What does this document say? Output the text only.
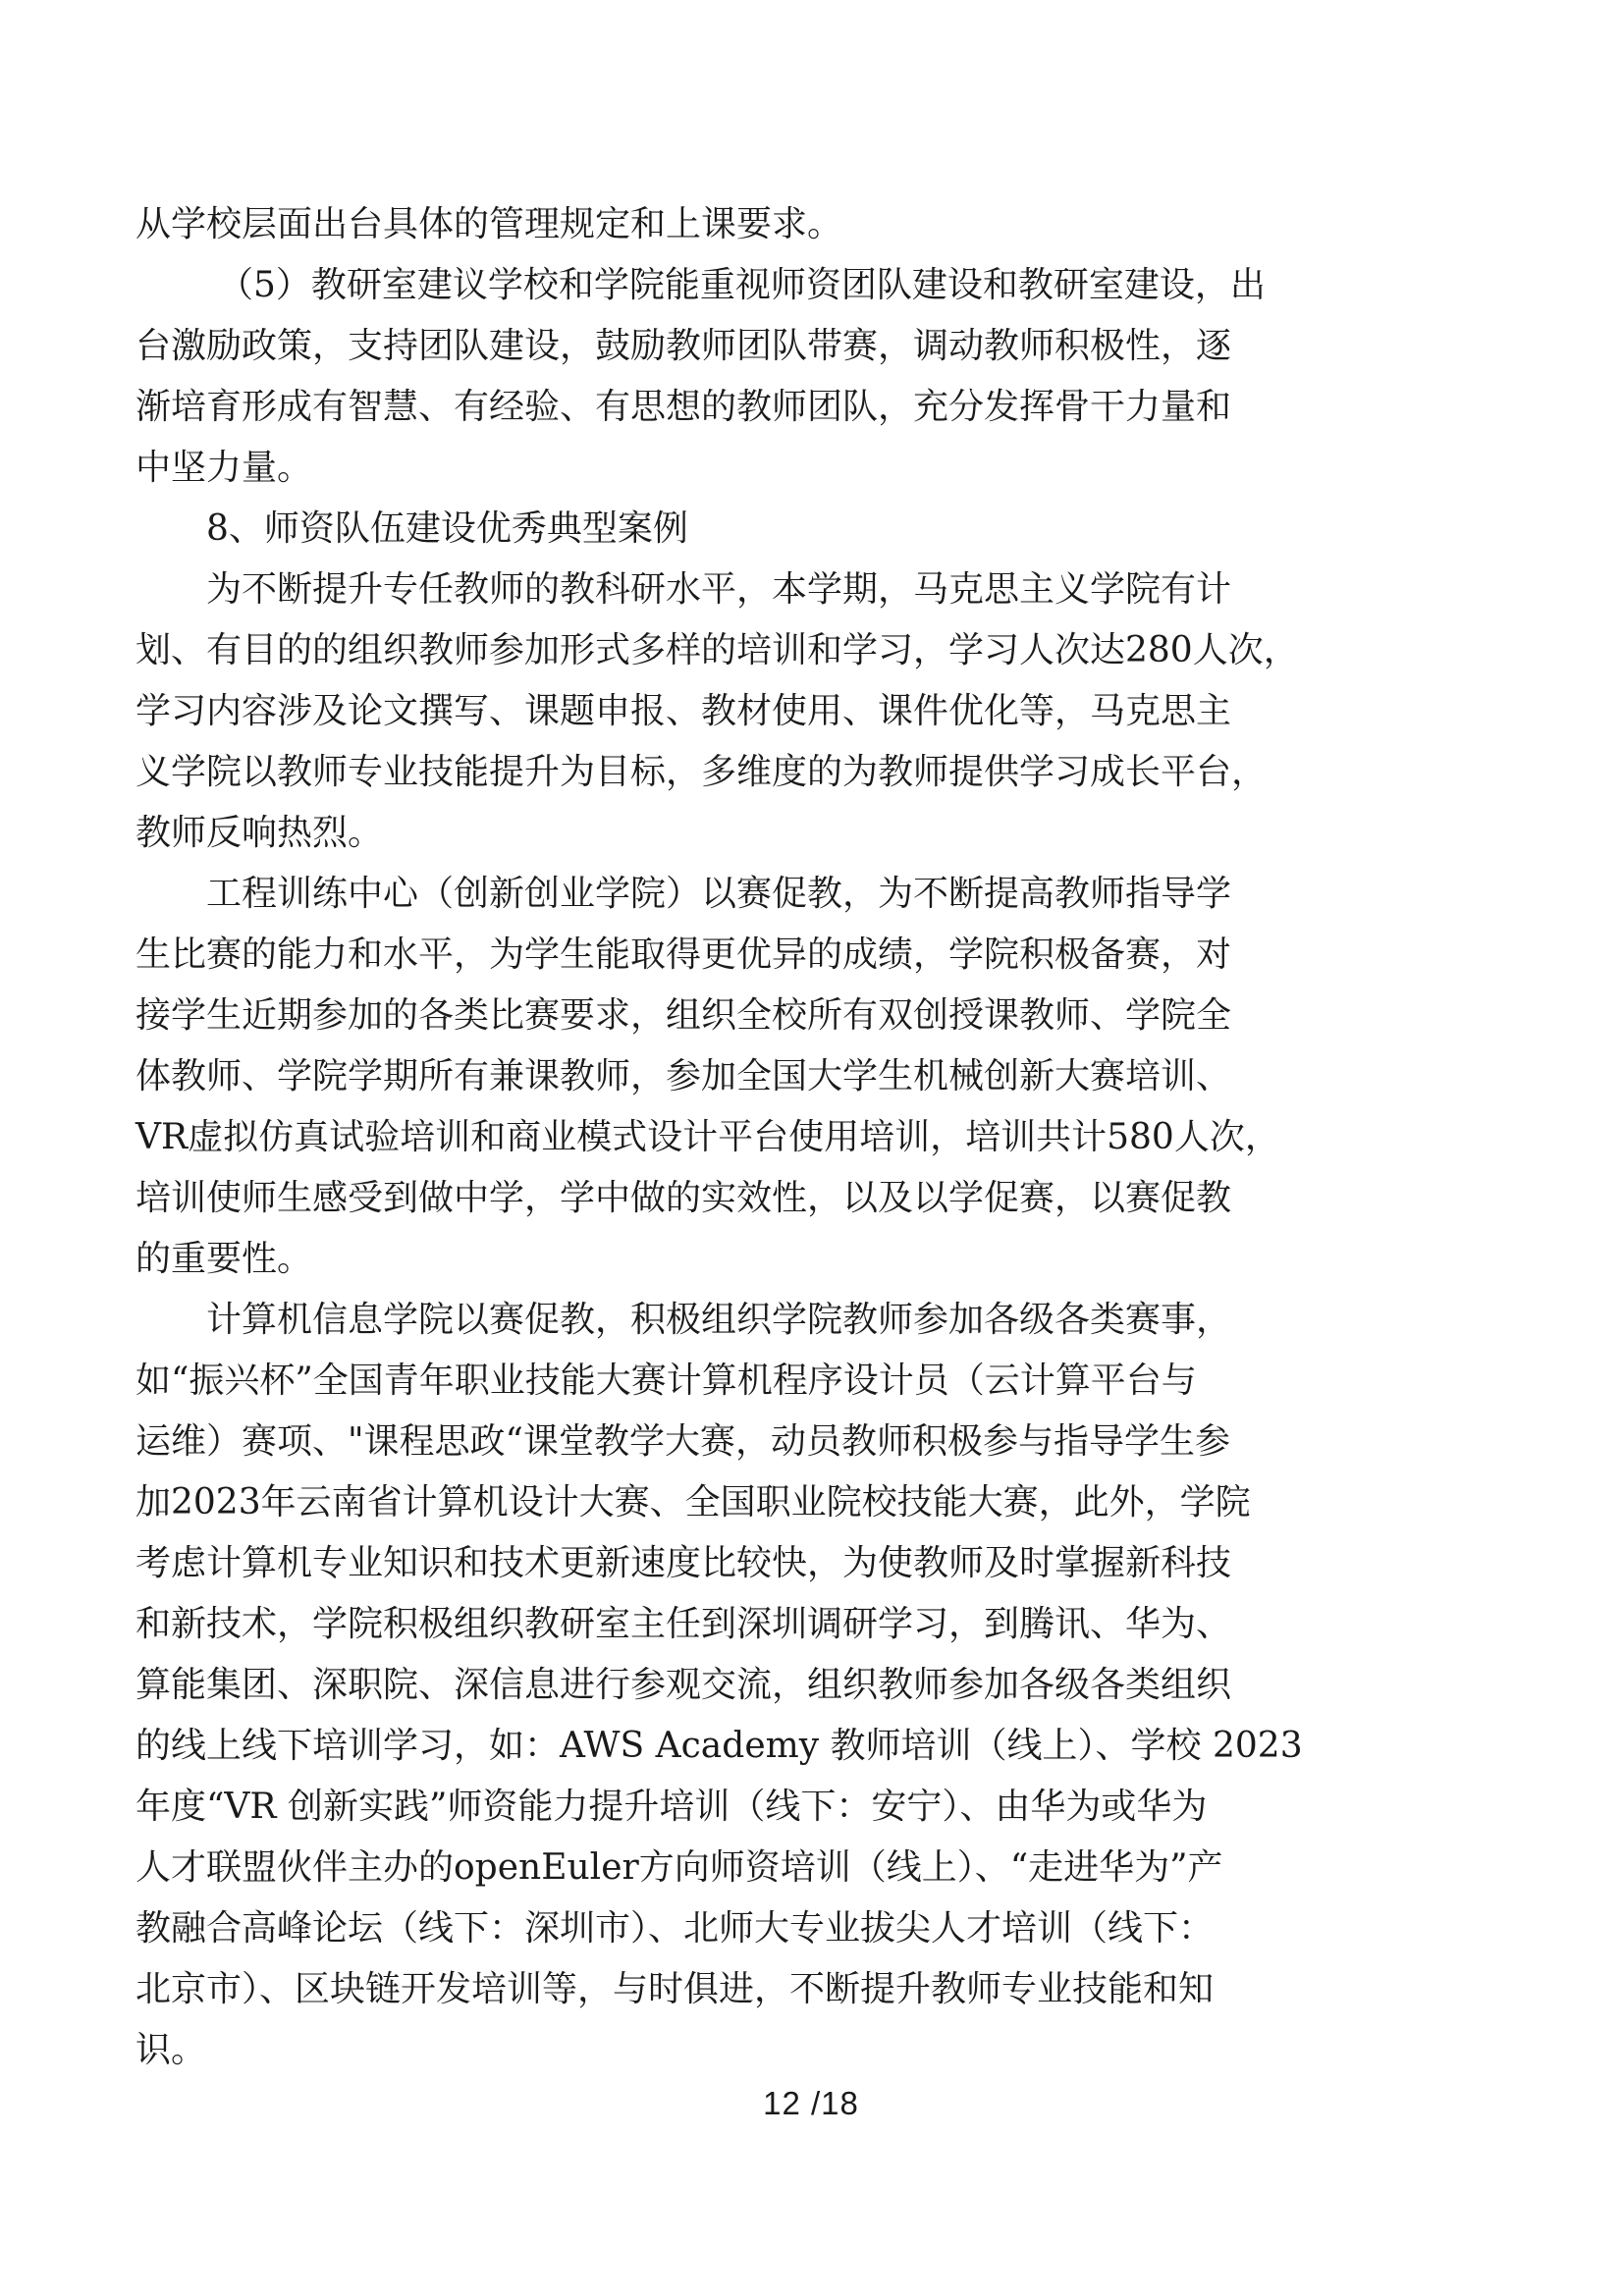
从学校层面出台具体的管理规定和上课要求。
（5）教研室建议学校和学院能重视师资团队建设和教研室建设，出
台激励政策，支持团队建设，鼓励教师团队带赛，调动教师积极性，逐
渐培育形成有智慧、有经验、有思想的教师团队，充分发挥骨干力量和
中坚力量。
8、师资队伍建设优秀典型案例
为不断提升专任教师的教科研水平，本学期，马克思主义学院有计
划、有目的的组织教师参加形式多样的培训和学习，学习人次达280人次，
学习内容涉及论文撰写、课题申报、教材使用、课件优化等，马克思主
义学院以教师专业技能提升为目标，多维度的为教师提供学习成长平台，
教师反响热烈。
工程训练中心（创新创业学院）以赛促教，为不断提高教师指导学
生比赛的能力和水平，为学生能取得更优异的成绩，学院积极备赛，对
接学生近期参加的各类比赛要求，组织全校所有双创授课教师、学院全
体教师、学院学期所有兼课教师，参加全国大学生机械创新大赛培训、
VR虚拟仿真试验培训和商业模式设计平台使用培训，培训共计580人次，
培训使师生感受到做中学，学中做的实效性，以及以学促赛，以赛促教
的重要性。
计算机信息学院以赛促教，积极组织学院教师参加各级各类赛事，
如“振兴杯”全国青年职业技能大赛计算机程序设计员（云计算平台与
运维）赛项、"课程思政“课堂教学大赛，动员教师积极参与指导学生参
加2023年云南省计算机设计大赛、全国职业院校技能大赛，此外，学院
考虑计算机专业知识和技术更新速度比较快，为使教师及时掌握新科技
和新技术，学院积极组织教研室主任到深圳调研学习，到腾讯、华为、
算能集团、深职院、深信息进行参观交流，组织教师参加各级各类组织
的线上线下培训学习，如：AWS Academy 教师培训（线上）、学校 2023
年度“VR 创新实践”师资能力提升培训（线下：安宁）、由华为或华为
人才联盟伙伴主办的openEuler方向师资培训（线上）、“走进华为”产
教融合高峰论坛（线下：深圳市）、北师大专业拔尖人才培训（线下：
北京市）、区块链开发培训等，与时俱进，不断提升教师专业技能和知
识。
12 /18
